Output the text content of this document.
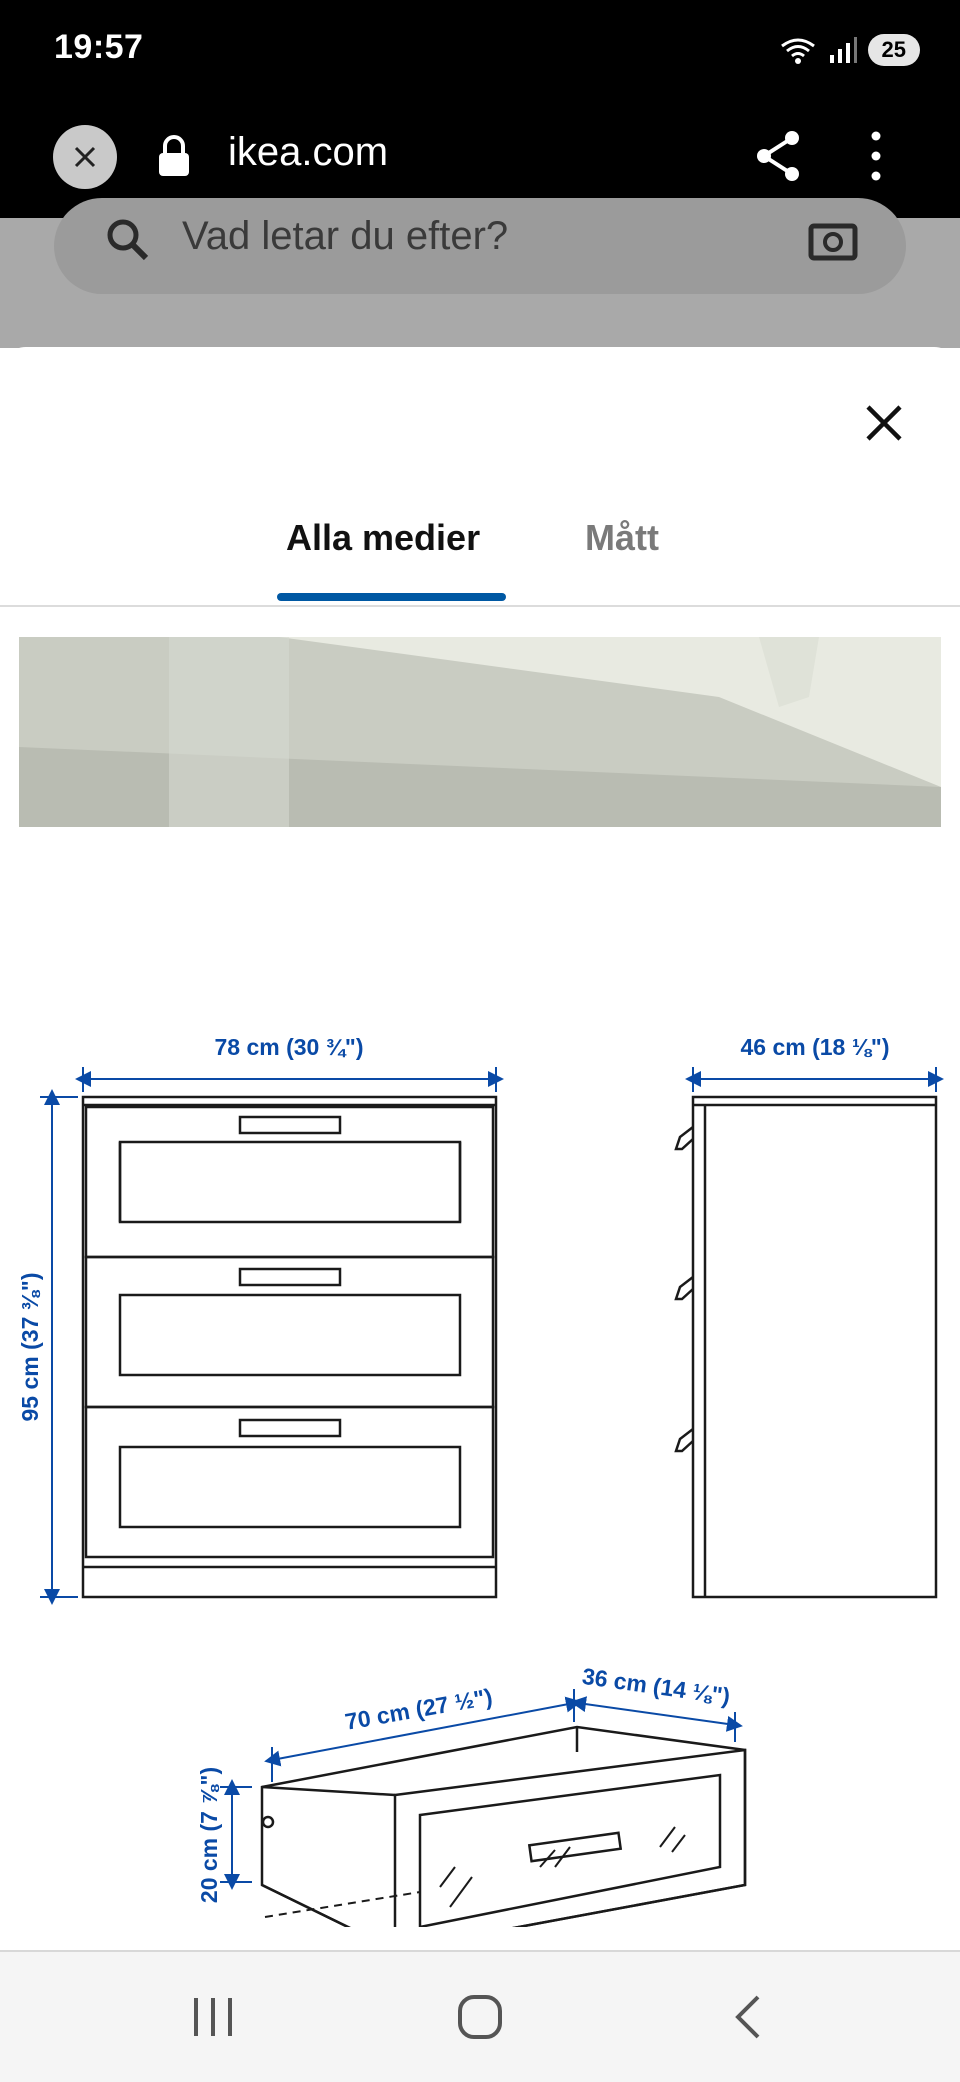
19:57	25
ikea.com
Vad letar du efter?
Alla medier	Mått
78 cm (30 ¾")	46 cm (18 ⅛")
95 cm (37 ⅜")
70 cm (27 ½")	36 cm (14 ⅛")
20 cm (7 ⅞")
